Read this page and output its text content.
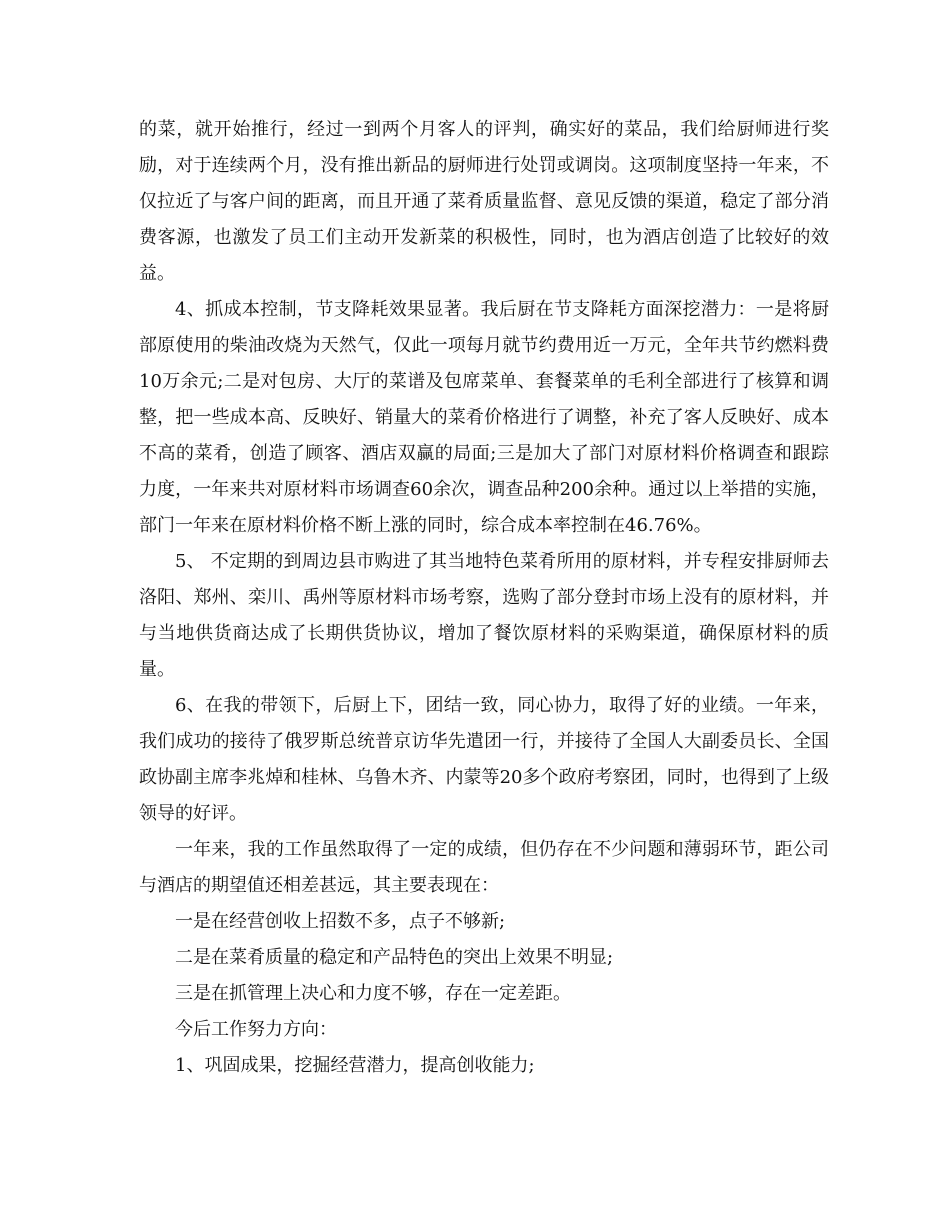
的菜，就开始推行，经过一到两个月客人的评判，确实好的菜品，我们给厨师进行奖励，对于连续两个月，没有推出新品的厨师进行处罚或调岗。这项制度坚持一年来，不仅拉近了与客户间的距离，而且开通了菜肴质量监督、意见反馈的渠道，稳定了部分消费客源，也激发了员工们主动开发新菜的积极性，同时，也为酒店创造了比较好的效益。

4、抓成本控制，节支降耗效果显著。我后厨在节支降耗方面深挖潜力：一是将厨部原使用的柴油改烧为天然气，仅此一项每月就节约费用近一万元，全年共节约燃料费10万余元;二是对包房、大厅的菜谱及包席菜单、套餐菜单的毛利全部进行了核算和调整，把一些成本高、反映好、销量大的菜肴价格进行了调整，补充了客人反映好、成本不高的菜肴，创造了顾客、酒店双赢的局面;三是加大了部门对原材料价格调查和跟踪力度，一年来共对原材料市场调查60余次，调查品种200余种。通过以上举措的实施，部门一年来在原材料价格不断上涨的同时，综合成本率控制在46.76%。

5、 不定期的到周边县市购进了其当地特色菜肴所用的原材料，并专程安排厨师去洛阳、郑州、栾川、禹州等原材料市场考察，选购了部分登封市场上没有的原材料，并与当地供货商达成了长期供货协议，增加了餐饮原材料的采购渠道，确保原材料的质量。

6、在我的带领下，后厨上下，团结一致，同心协力，取得了好的业绩。一年来，我们成功的接待了俄罗斯总统普京访华先遣团一行，并接待了全国人大副委员长、全国政协副主席李兆焯和桂林、乌鲁木齐、内蒙等20多个政府考察团，同时，也得到了上级领导的好评。

一年来，我的工作虽然取得了一定的成绩，但仍存在不少问题和薄弱环节，距公司与酒店的期望值还相差甚远，其主要表现在：

一是在经营创收上招数不多，点子不够新;

二是在菜肴质量的稳定和产品特色的突出上效果不明显;

三是在抓管理上决心和力度不够，存在一定差距。

今后工作努力方向：

1、巩固成果，挖掘经营潜力，提高创收能力;
